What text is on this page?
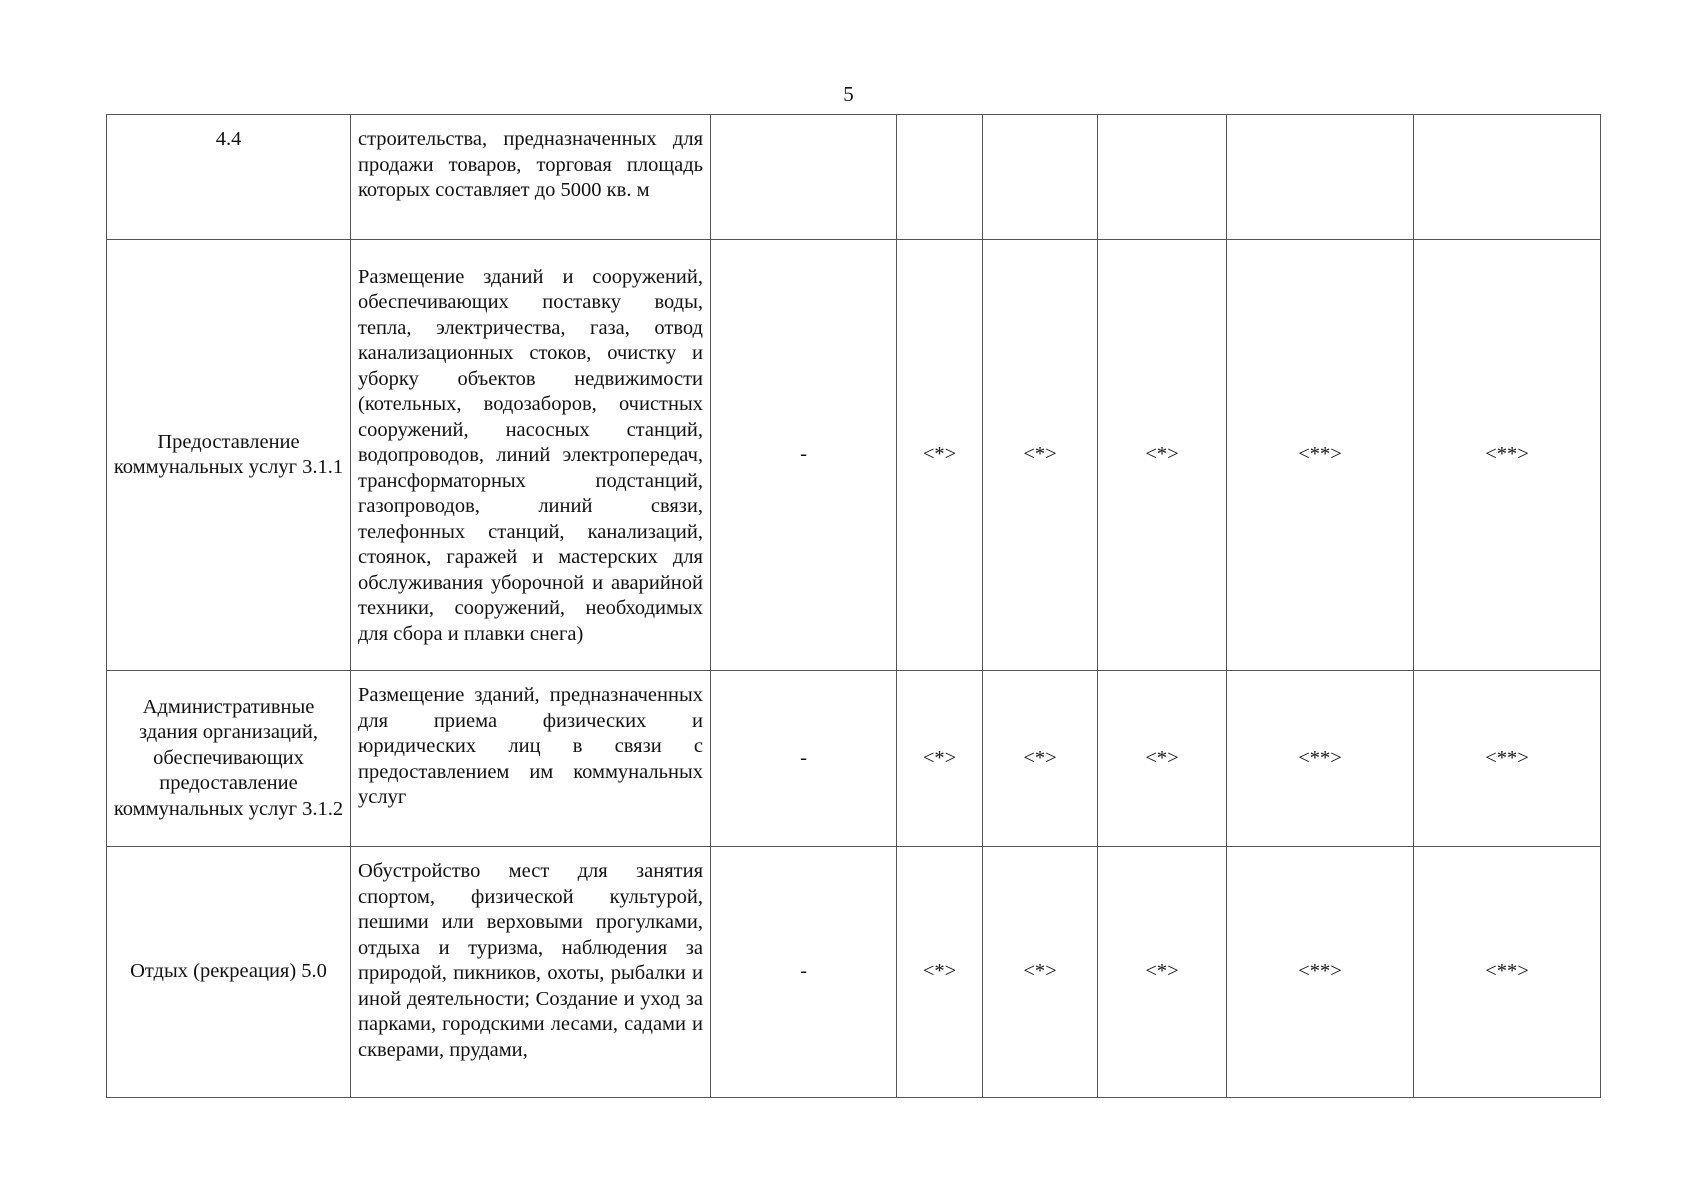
5
4.4	строительства, предназначенных для продажи товаров, торговая площадь которых составляет до 5000 кв. м						
Предоставление коммунальных услуг 3.1.1	Размещение зданий и сооружений, обеспечивающих поставку воды, тепла, электричества, газа, отвод канализационных стоков, очистку и уборку объектов недвижимости (котельных, водозаборов, очистных сооружений, насосных станций, водопроводов, линий электропередач, трансформаторных подстанций, газопроводов, линий связи, телефонных станций, канализаций, стоянок, гаражей и мастерских для обслуживания уборочной и аварийной техники, сооружений, необходимых для сбора и плавки снега)	-	<*>	<*>	<*>	<**>	<**>
Административные здания организаций, обеспечивающих предоставление коммунальных услуг 3.1.2	Размещение зданий, предназначенных для приема физических и юридических лиц в связи с предоставлением им коммунальных услуг	-	<*>	<*>	<*>	<**>	<**>
Отдых (рекреация) 5.0	Обустройство мест для занятия спортом, физической культурой, пешими или верховыми прогулками, отдыха и туризма, наблюдения за природой, пикников, охоты, рыбалки и иной деятельности; Создание и уход за парками, городскими лесами, садами и скверами, прудами,	-	<*>	<*>	<*>	<**>	<**>
